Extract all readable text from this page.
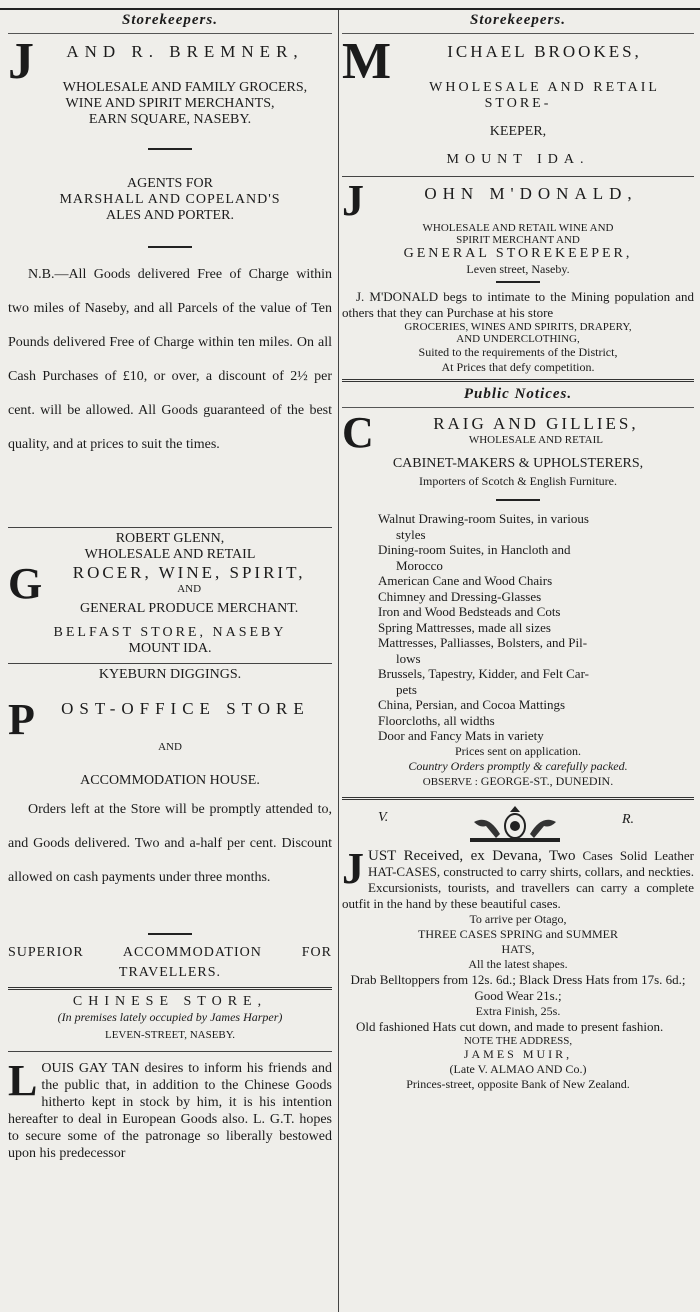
Storekeepers.
J	AND R. BREMNER,
WHOLESALE AND FAMILY GROCERS,
WINE AND SPIRIT MERCHANTS,
EARN SQUARE, NASEBY.
AGENTS FOR
MARSHALL AND COPELAND'S
ALES AND PORTER.
N.B.—All Goods delivered Free of Charge within two miles of Naseby, and all Parcels of the value of Ten Pounds delivered Free of Charge within ten miles. On all Cash Purchases of £10, or over, a discount of 2½ per cent. will be allowed. All Goods guaranteed of the best quality, and at prices to suit the times.
ROBERT GLENN,
WHOLESALE AND RETAIL
G	ROCER, WINE, SPIRIT,
AND
GENERAL PRODUCE MERCHANT.
BELFAST STORE, NASEBY
MOUNT IDA.
KYEBURN DIGGINGS.
P	OST-OFFICE STORE
AND
ACCOMMODATION HOUSE.
Orders left at the Store will be promptly attended to, and Goods delivered. Two and a-half per cent. Discount allowed on cash payments under three months.
SUPERIOR ACCOMMODATION FOR TRAVELLERS.
CHINESE STORE,
(In premises lately occupied by James Harper)
LEVEN-STREET, NASEBY.
L OUIS GAY TAN desires to inform his friends and the public that, in addition to the Chinese Goods hitherto kept in stock by him, it is his intention hereafter to deal in European Goods also. L. G.T. hopes to secure some of the patronage so liberally bestowed upon his predecessor
Storekeepers.
M	ICHAEL BROOKES,
WHOLESALE AND RETAIL STORE-
KEEPER,
MOUNT IDA.
J	OHN M'DONALD,
WHOLESALE AND RETAIL WINE AND
SPIRIT MERCHANT AND
GENERAL STOREKEEPER,
Leven street, Naseby.
J. M'DONALD begs to intimate to the Mining population and others that they can Purchase at his store
GROCERIES, WINES AND SPIRITS, DRAPERY,
AND UNDERCLOTHING,
Suited to the requirements of the District,
At Prices that defy competition.
Public Notices.
C	RAIG AND GILLIES,
WHOLESALE AND RETAIL
CABINET-MAKERS & UPHOLSTERERS,
Importers of Scotch & English Furniture.
Walnut Drawing-room Suites, in various
styles
Dining-room Suites, in Hancloth and
Morocco
American Cane and Wood Chairs
Chimney and Dressing-Glasses
Iron and Wood Bedsteads and Cots
Spring Mattresses, made all sizes
Mattresses, Palliasses, Bolsters, and Pil-
lows
Brussels, Tapestry, Kidder, and Felt Car-
pets
China, Persian, and Cocoa Mattings
Floorcloths, all widths
Door and Fancy Mats in variety
Prices sent on application.
Country Orders promptly & carefully packed.
OBSERVE : GEORGE-ST., DUNEDIN.
V.	R.
J UST Received, ex Devana, Two Cases Solid Leather HAT-CASES, constructed to carry shirts, collars, and neckties. Excursionists, tourists, and travellers can carry a complete outfit in the hand by these beautiful cases.
To arrive per Otago,
THREE CASES SPRING and SUMMER
HATS,
All the latest shapes.
Drab Belltoppers from 12s. 6d.; Black Dress Hats from 17s. 6d.; Good Wear 21s.;
Extra Finish, 25s.
Old fashioned Hats cut down, and made to present fashion.
NOTE THE ADDRESS,
JAMES MUIR,
(Late V. ALMAO AND Co.)
Princes-street, opposite Bank of New Zealand.
